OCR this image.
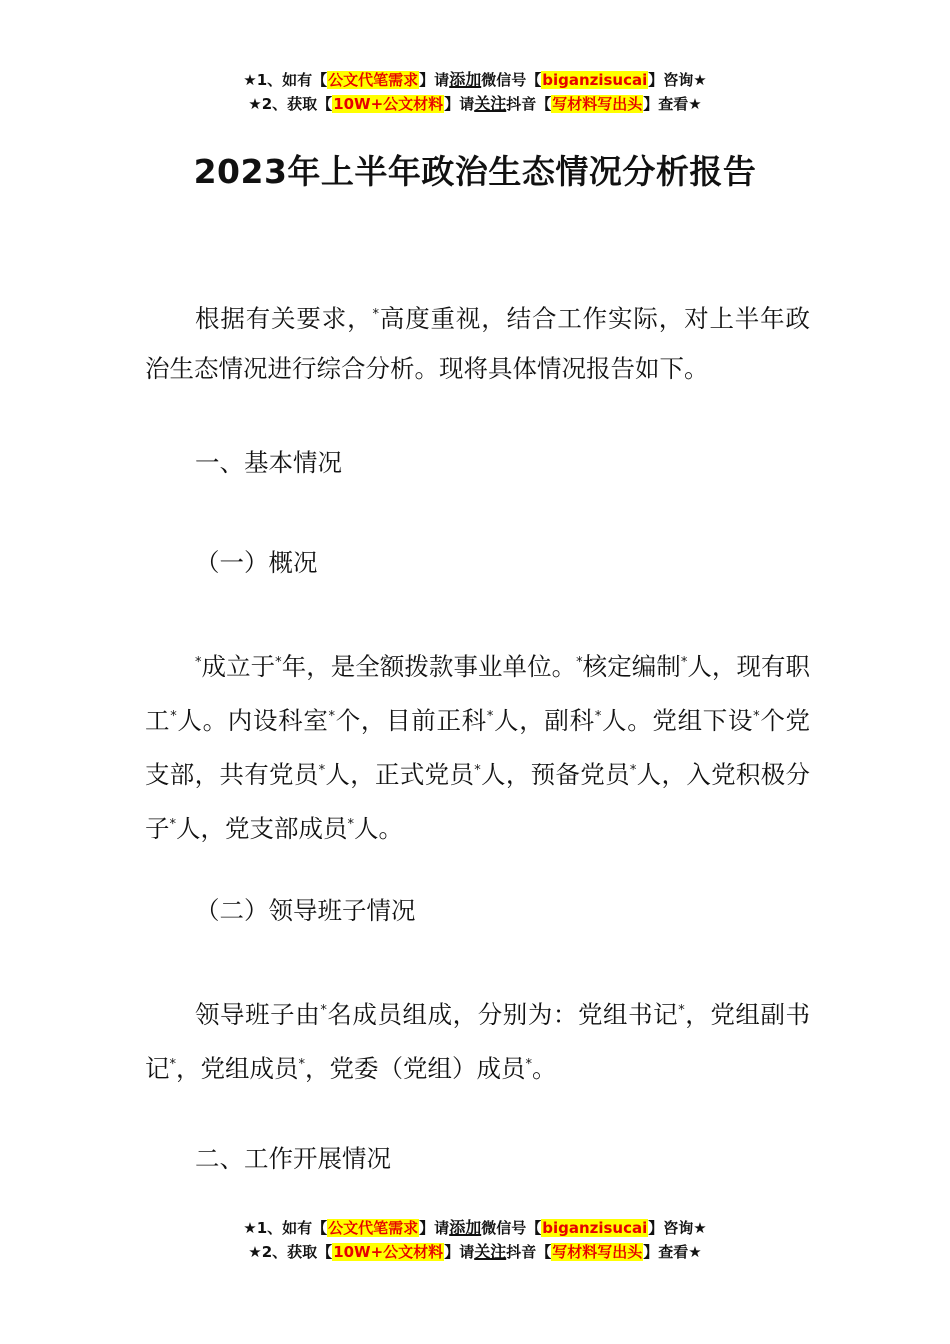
★1、如有【公文代笔需求】请添加微信号【biganzisucai】咨询★
★2、获取【10W+公文材料】请关注抖音【写材料写出头】查看★
2023年上半年政治生态情况分析报告
根据有关要求，*高度重视，结合工作实际，对上半年政治生态情况进行综合分析。现将具体情况报告如下。
一、基本情况
（一）概况
*成立于*年，是全额拨款事业单位。*核定编制*人，现有职工*人。内设科室*个，目前正科*人，副科*人。党组下设*个党支部，共有党员*人，正式党员*人，预备党员*人，入党积极分子*人，党支部成员*人。
（二）领导班子情况
领导班子由*名成员组成，分别为：党组书记*，党组副书记*，党组成员*，党委（党组）成员*。
二、工作开展情况
★1、如有【公文代笔需求】请添加微信号【biganzisucai】咨询★
★2、获取【10W+公文材料】请关注抖音【写材料写出头】查看★
